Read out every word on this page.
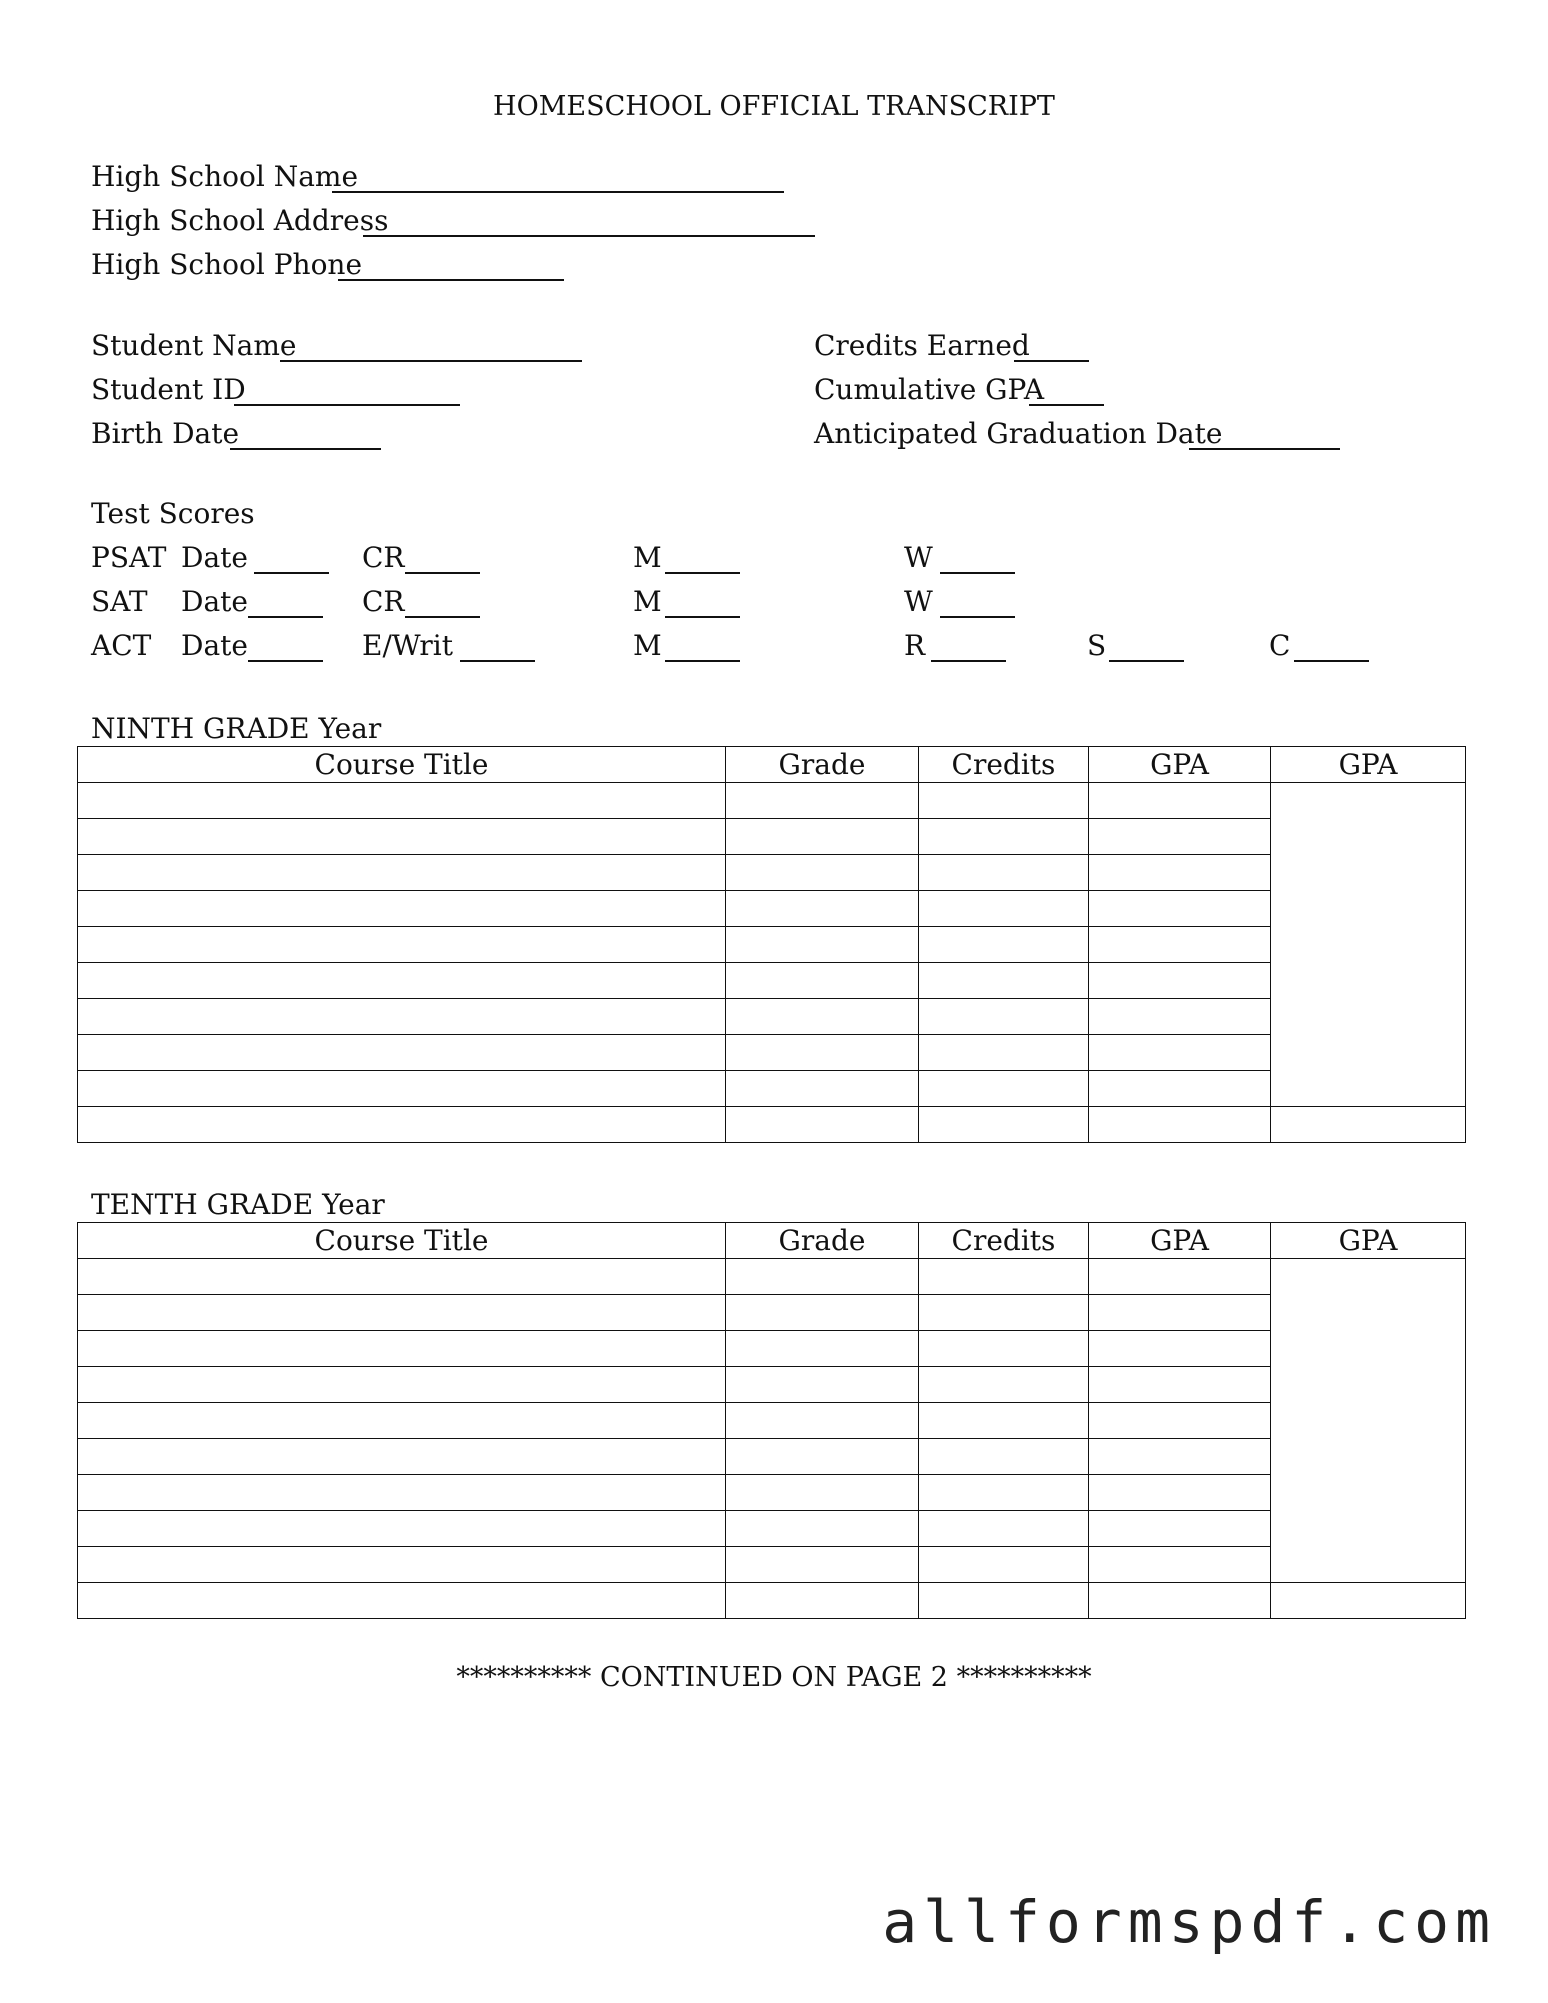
HOMESCHOOL OFFICIAL TRANSCRIPT
High School Name
High School Address
High School Phone
Student Name
Student ID
Birth Date
Credits Earned
Cumulative GPA
Anticipated Graduation Date
Test Scores
PSAT Date	CR	M	W
SAT Date	CR	M	W
ACT Date	E/Writ	M	R	S	C
NINTH GRADE Year
Course Title	Grade	Credits	GPA	GPA

TENTH GRADE Year
Course Title	Grade	Credits	GPA	GPA

********** CONTINUED ON PAGE 2 **********
allformspdf.com
